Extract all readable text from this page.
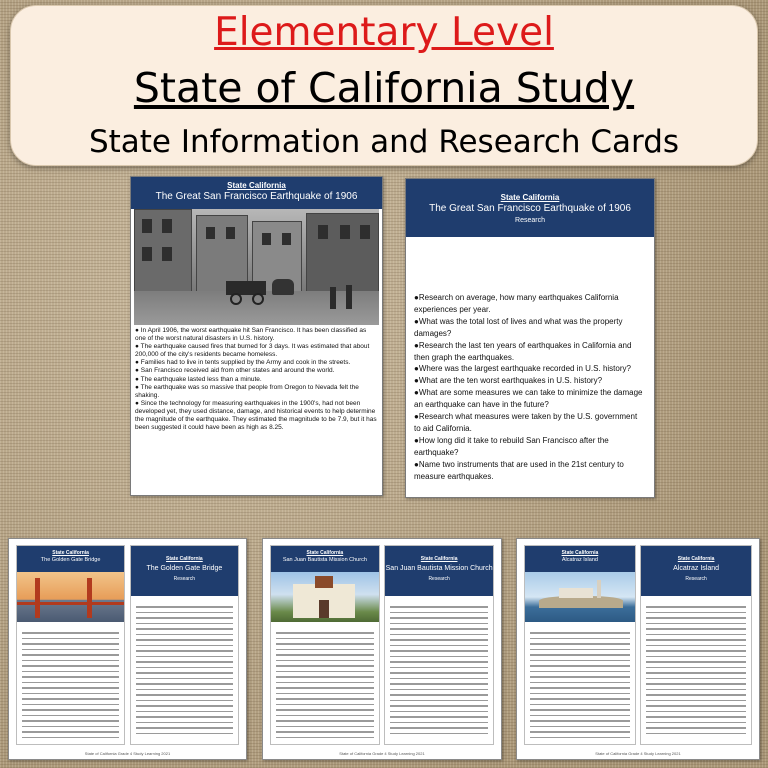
Elementary Level
State of California Study
State Information and Research Cards
State California
The Great San Francisco Earthquake of 1906

● In April 1906, the worst earthquake hit San Francisco. It has been classified as one of the worst natural disasters in U.S. history.

● The earthquake caused fires that burned for 3 days. It was estimated that about 200,000 of the city's residents became homeless.

● Families had to live in tents supplied by the Army and cook in the streets.

● San Francisco received aid from other states and around the world.

● The earthquake lasted less than a minute.

● The earthquake was so massive that people from Oregon to Nevada felt the shaking.

● Since the technology for measuring earthquakes in the 1900's, had not been developed yet, they used distance, damage, and historical events to help determine the magnitude of the earthquake. They estimated the magnitude to be 7.9, but it has been suggested it could have been as high as 8.25.

State California
The Great San Francisco Earthquake of 1906
Research

●Research on average, how many earthquakes California experiences per year.

●What was the total lost of lives and what was the property damages?

●Research the last ten years of earthquakes in California and then graph the earthquakes.

●Where was the largest earthquake recorded in U.S. history?

●What are the ten worst earthquakes in U.S. history?

●What are some measures we can take to minimize the damage an earthquake can have in the future?

●Research what measures were taken by the U.S. government to aid California.

●How long did it take to rebuild San Francisco after the earthquake?

●Name two instruments that are used in the 21st century to measure earthquakes.

State California
The Golden Gate Bridge	State California
The Golden Gate Bridge
Research
State of California Grade 4 Study Learning 2021
State California
San Juan Bautista Mission Church	State California
San Juan Bautista Mission Church
Research
State of California Grade 4 Study Learning 2021
State California
Alcatraz Island	State California
Alcatraz Island
Research
State of California Grade 4 Study Learning 2021
